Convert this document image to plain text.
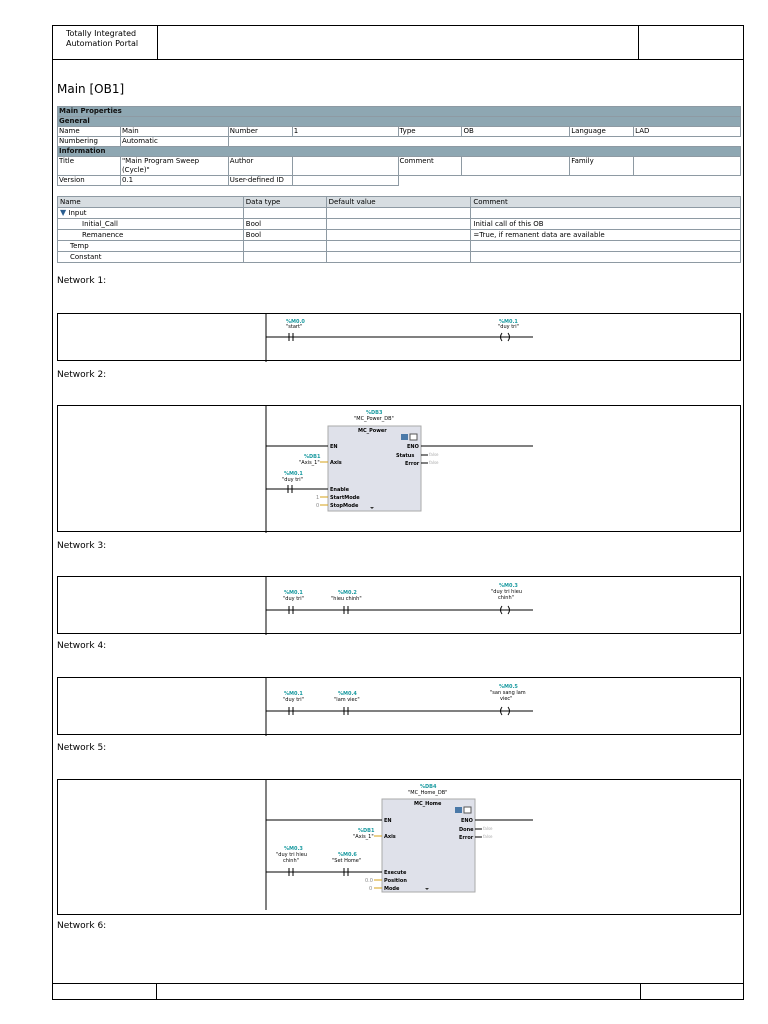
Totally Integrated
Automation Portal
Main [OB1]
Main Properties							
General							
Name	Main	Number	1	Type	OB	Language	LAD
Numbering	Automatic						
Information							
Title	"Main Program Sweep (Cycle)"	Author		Comment		Family	
Version	0.1	User-defined ID					
Name	Data type	Default value	Comment
▼ Input			
Initial_Call	Bool		Initial call of this OB
Remanence	Bool		=True, if remanent data are available
Temp			
Constant			
Network 1:
%M0.0
"start"
%M0.1
"duy tri"
Network 2:
%DB3
"MC_Power_DB"
MC_Power
EN	ENO
Status	false
Error false
%DB1
"Axis_1" Axis
%M0.1
"duy tri"
Enable
1 StartMode
0 StopMode
Network 3:
%M0.1
"duy tri"
%M0.2
"hieu chinh"
%M0.3
"duy tri hieu
chinh"
Network 4:
%M0.1
"duy tri"
%M0.4
"lam viec"
%M0.5
"san sang lam
viec"
Network 5:
%DB4
"MC_Home_DB"
MC_Home
EN	ENO
Done false
Error false
%DB1
"Axis_1" Axis
%M0.3
"duy tri hieu
chinh"
%M0.6
"Set Home"
Execute
0.0 Position
0 Mode
Network 6:
